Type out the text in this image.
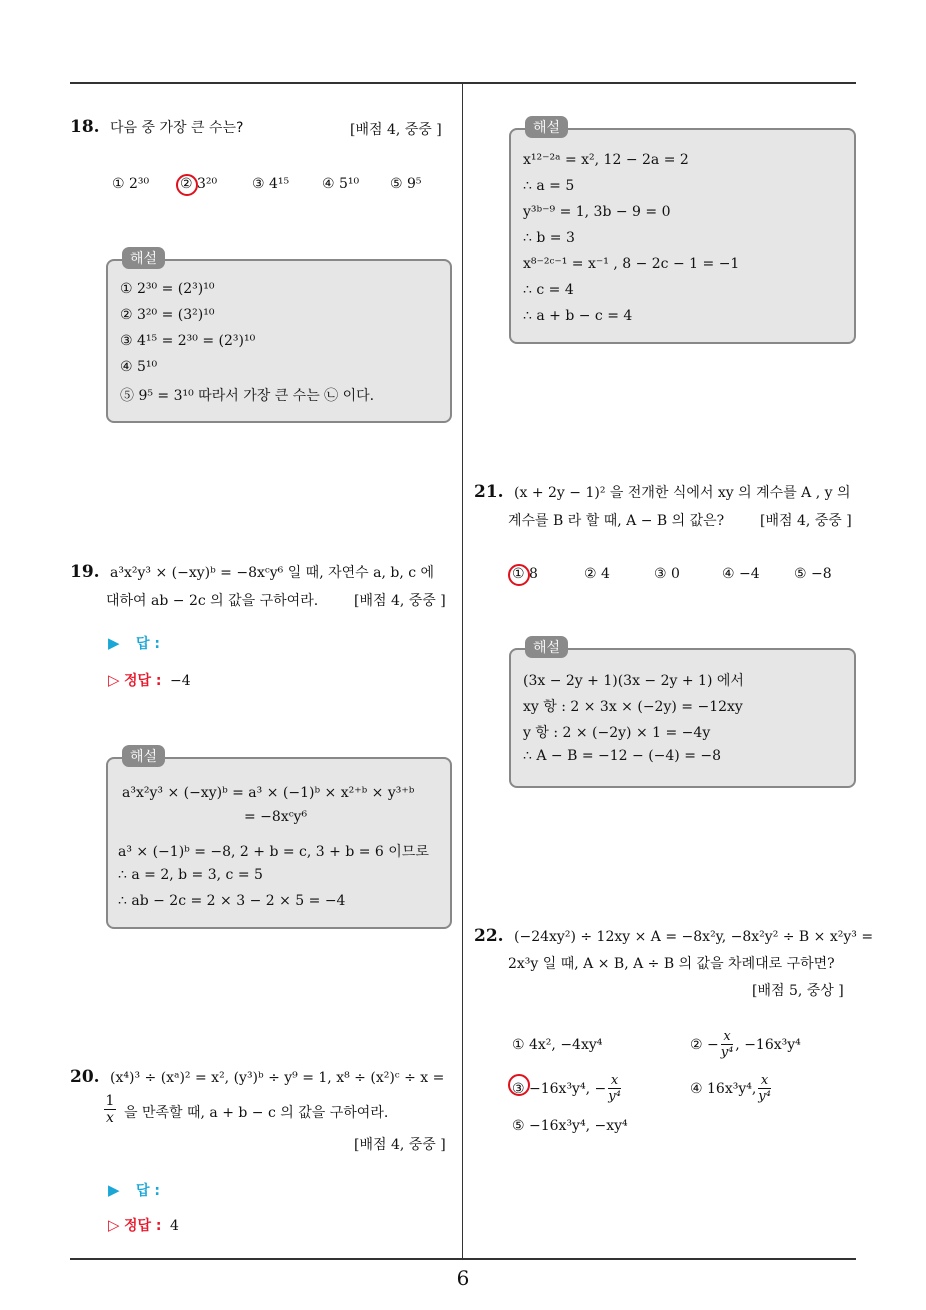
6
18. 다음 중 가장 큰 수는?	[배점 4, 중중 ]
① 2³⁰ ② 3²⁰ ③ 4¹⁵ ④ 5¹⁰ ⑤ 9⁵
해설
① 2³⁰ = (2³)¹⁰
② 3²⁰ = (3²)¹⁰
③ 4¹⁵ = 2³⁰ = (2³)¹⁰
④ 5¹⁰
⑤ 9⁵ = 3¹⁰ 따라서 가장 큰 수는 ㉡ 이다.
19. a³x²y³ × (−xy)ᵇ = −8xᶜy⁶ 일 때, 자연수 a, b, c 에
대하여 ab − 2c 의 값을 구하여라.	[배점 4, 중중 ]
▶ 답 :
▷ 정답 : −4
해설
a³x²y³ × (−xy)ᵇ = a³ × (−1)ᵇ × x²⁺ᵇ × y³⁺ᵇ
= −8xᶜy⁶
a³ × (−1)ᵇ = −8, 2 + b = c, 3 + b = 6 이므로
∴ a = 2, b = 3, c = 5
∴ ab − 2c = 2 × 3 − 2 × 5 = −4
20. (x⁴)³ ÷ (xᵃ)² = x², (y³)ᵇ ÷ y⁹ = 1, x⁸ ÷ (x²)ᶜ ÷ x =
$\frac{1}{x}$ 을 만족할 때, a + b − c 의 값을 구하여라.
[배점 4, 중중 ]
▶ 답 :
▷ 정답 : 4
해설
x¹²⁻²ᵃ = x², 12 − 2a = 2
∴ a = 5
y³ᵇ⁻⁹ = 1, 3b − 9 = 0
∴ b = 3
x⁸⁻²ᶜ⁻¹ = x⁻¹ , 8 − 2c − 1 = −1
∴ c = 4
∴ a + b − c = 4
21. (x + 2y − 1)² 을 전개한 식에서 xy 의 계수를 A , y 의
계수를 B 라 할 때, A − B 의 값은?	[배점 4, 중중 ]
① 8	② 4	③ 0	④ −4 ⑤ −8
해설
(3x − 2y + 1)(3x − 2y + 1) 에서
xy 항 : 2 × 3x × (−2y) = −12xy
y 항 : 2 × (−2y) × 1 = −4y
∴ A − B = −12 − (−4) = −8
22. (−24xy²) ÷ 12xy × A = −8x²y, −8x²y² ÷ B × x²y³ =
2x³y 일 때, A × B, A ÷ B 의 값을 차례대로 구하면?
[배점 5, 중상 ]
① 4x², −4xy⁴	② − $\frac{x}{\text{y⁴}}$ , −16x³y⁴
③ −16x³y⁴, − $\frac{x}{\text{y⁴}}$	④ 16x³y⁴, $\frac{x}{\text{y⁴}}$
⑤ −16x³y⁴, −xy⁴
